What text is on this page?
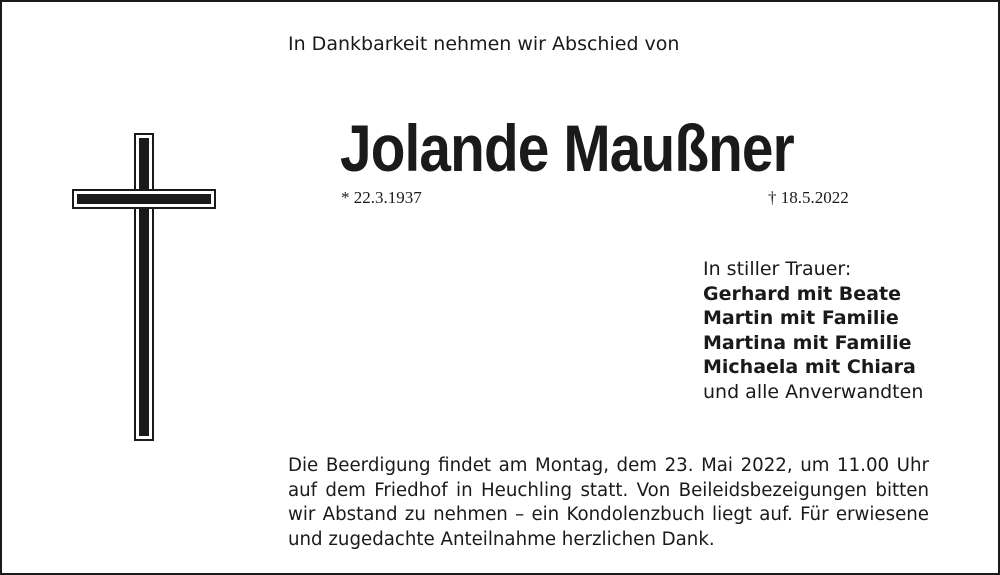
In Dankbarkeit nehmen wir Abschied von
Jolande Maußner
* 22.3.1937	† 18.5.2022
In stiller Trauer:
Gerhard mit Beate
Martin mit Familie
Martina mit Familie
Michaela mit Chiara
und alle Anverwandten
Die Beerdigung findet am Montag, dem 23. Mai 2022, um 11.00 Uhr auf dem Friedhof in Heuchling statt. Von Beileidsbezeigungen bitten wir Abstand zu nehmen – ein Kondolenzbuch liegt auf. Für erwiesene und zugedachte Anteilnahme herzlichen Dank.
